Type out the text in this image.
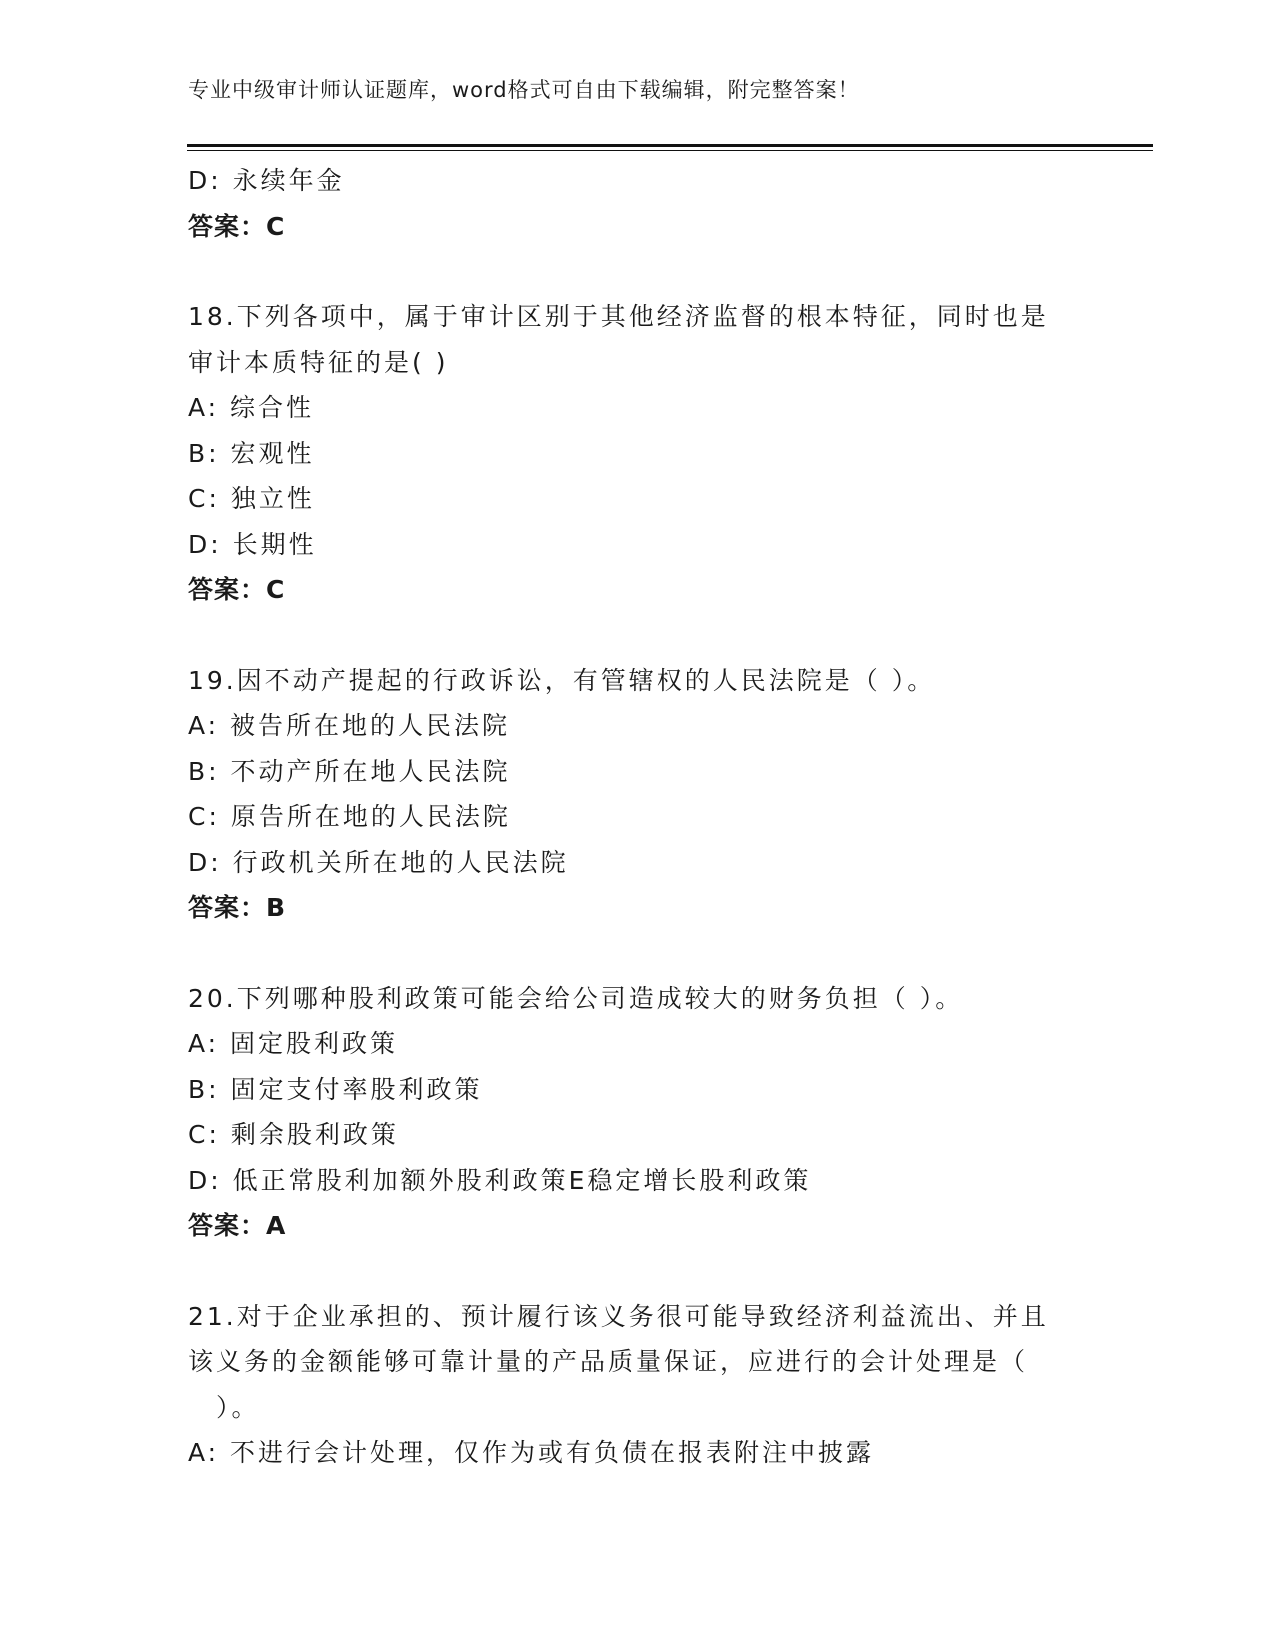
专业中级审计师认证题库，word格式可自由下载编辑，附完整答案！
D: 永续年金
答案：C
18.下列各项中，属于审计区别于其他经济监督的根本特征，同时也是
审计本质特征的是( )
A: 综合性
B: 宏观性
C: 独立性
D: 长期性
答案：C
19.因不动产提起的行政诉讼，有管辖权的人民法院是（ ）。
A: 被告所在地的人民法院
B: 不动产所在地人民法院
C: 原告所在地的人民法院
D: 行政机关所在地的人民法院
答案：B
20.下列哪种股利政策可能会给公司造成较大的财务负担（ ）。
A: 固定股利政策
B: 固定支付率股利政策
C: 剩余股利政策
D: 低正常股利加额外股利政策E稳定增长股利政策
答案：A
21.对于企业承担的、预计履行该义务很可能导致经济利益流出、并且
该义务的金额能够可靠计量的产品质量保证，应进行的会计处理是（
）。
A: 不进行会计处理，仅作为或有负债在报表附注中披露
